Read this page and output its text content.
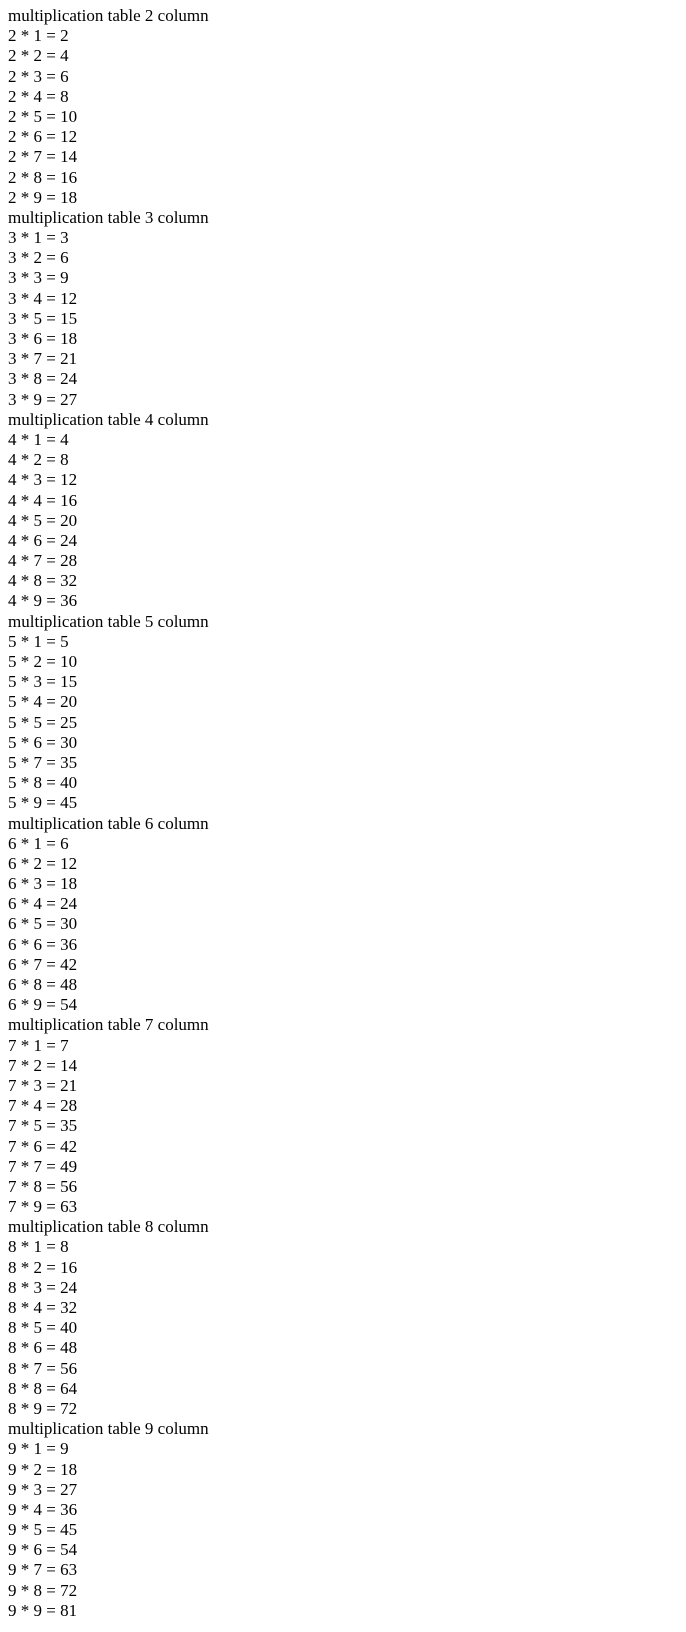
multiplication table 2 column
2 * 1 = 2
2 * 2 = 4
2 * 3 = 6
2 * 4 = 8
2 * 5 = 10
2 * 6 = 12
2 * 7 = 14
2 * 8 = 16
2 * 9 = 18
multiplication table 3 column
3 * 1 = 3
3 * 2 = 6
3 * 3 = 9
3 * 4 = 12
3 * 5 = 15
3 * 6 = 18
3 * 7 = 21
3 * 8 = 24
3 * 9 = 27
multiplication table 4 column
4 * 1 = 4
4 * 2 = 8
4 * 3 = 12
4 * 4 = 16
4 * 5 = 20
4 * 6 = 24
4 * 7 = 28
4 * 8 = 32
4 * 9 = 36
multiplication table 5 column
5 * 1 = 5
5 * 2 = 10
5 * 3 = 15
5 * 4 = 20
5 * 5 = 25
5 * 6 = 30
5 * 7 = 35
5 * 8 = 40
5 * 9 = 45
multiplication table 6 column
6 * 1 = 6
6 * 2 = 12
6 * 3 = 18
6 * 4 = 24
6 * 5 = 30
6 * 6 = 36
6 * 7 = 42
6 * 8 = 48
6 * 9 = 54
multiplication table 7 column
7 * 1 = 7
7 * 2 = 14
7 * 3 = 21
7 * 4 = 28
7 * 5 = 35
7 * 6 = 42
7 * 7 = 49
7 * 8 = 56
7 * 9 = 63
multiplication table 8 column
8 * 1 = 8
8 * 2 = 16
8 * 3 = 24
8 * 4 = 32
8 * 5 = 40
8 * 6 = 48
8 * 7 = 56
8 * 8 = 64
8 * 9 = 72
multiplication table 9 column
9 * 1 = 9
9 * 2 = 18
9 * 3 = 27
9 * 4 = 36
9 * 5 = 45
9 * 6 = 54
9 * 7 = 63
9 * 8 = 72
9 * 9 = 81
